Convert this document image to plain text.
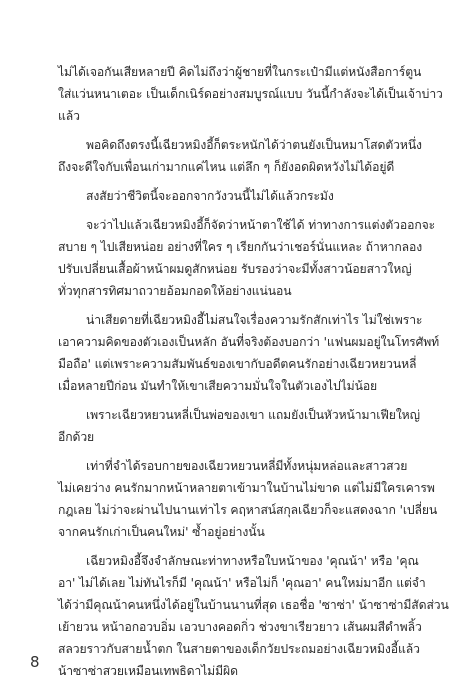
ไม่ได้เจอกันเสียหลายปี คิดไม่ถึงว่าผู้ชายที่ในกระเป๋ามีแต่หนังสือการ์ตูน
ใส่แว่นหนาเตอะ เป็นเด็กเนิร์ดอย่างสมบูรณ์แบบ วันนี้กำลังจะได้เป็นเจ้าบ่าว
แล้ว
พอคิดถึงตรงนี้เฉียวหมิงอี้ก็ตระหนักได้ว่าตนยังเป็นหมาโสดตัวหนึ่ง
ถึงจะดีใจกับเพื่อนเก่ามากแค่ไหน แต่ลึก ๆ ก็ยังอดผิดหวังไม่ได้อยู่ดี
สงสัยว่าชีวิตนี้จะออกจากวังวนนี้ไม่ได้แล้วกระมัง
จะว่าไปแล้วเฉียวหมิงอี้ก็จัดว่าหน้าตาใช้ได้ ท่าทางการแต่งตัวออกจะ
สบาย ๆ ไปเสียหน่อย อย่างที่ใคร ๆ เรียกกันว่าเชอร์นั่นแหละ ถ้าหากลอง
ปรับเปลี่ยนเสื้อผ้าหน้าผมดูสักหน่อย รับรองว่าจะมีทั้งสาวน้อยสาวใหญ่
ทั่วทุกสารทิศมาถวายอ้อมกอดให้อย่างแน่นอน
น่าเสียดายที่เฉียวหมิงอี้ไม่สนใจเรื่องความรักสักเท่าไร ไม่ใช่เพราะ
เอาความคิดของตัวเองเป็นหลัก อันที่จริงต้องบอกว่า 'แฟนผมอยู่ในโทรศัพท์
มือถือ' แต่เพราะความสัมพันธ์ของเขากับอดีตคนรักอย่างเฉียวหยวนหลี่
เมื่อหลายปีก่อน มันทำให้เขาเสียความมั่นใจในตัวเองไปไม่น้อย
เพราะเฉียวหยวนหลี่เป็นพ่อของเขา แถมยังเป็นหัวหน้ามาเฟียใหญ่
อีกด้วย
เท่าที่จำได้รอบกายของเฉียวหยวนหลี่มีทั้งหนุ่มหล่อและสาวสวย
ไม่เคยว่าง คนรักมากหน้าหลายตาเข้ามาในบ้านไม่ขาด แต่ไม่มีใครเคารพ
กฎเลย ไม่ว่าจะผ่านไปนานเท่าไร คฤหาสน์สกุลเฉียวก็จะแสดงฉาก 'เปลี่ยน
จากคนรักเก่าเป็นคนใหม่' ซ้ำอยู่อย่างนั้น
เฉียวหมิงอี้จึงจำลักษณะท่าทางหรือใบหน้าของ 'คุณน้า' หรือ 'คุณ
อา' ไม่ได้เลย ไม่ทันไรก็มี 'คุณน้า' หรือไม่ก็ 'คุณอา' คนใหม่มาอีก แต่จำ
ได้ว่ามีคุณน้าคนหนึ่งได้อยู่ในบ้านนานที่สุด เธอชื่อ 'ซาซ่า' น้าซาซ่ามีสัดส่วน
เย้ายวน หน้าอกอวบอิ่ม เอวบางคอดกิ่ว ช่วงขาเรียวยาว เส้นผมสีดำพลิ้ว
สลวยราวกับสายน้ำตก ในสายตาของเด็กวัยประถมอย่างเฉียวหมิงอี้แล้ว
น้าซาซ่าสวยเหมือนเทพธิดาไม่มีผิด
8
